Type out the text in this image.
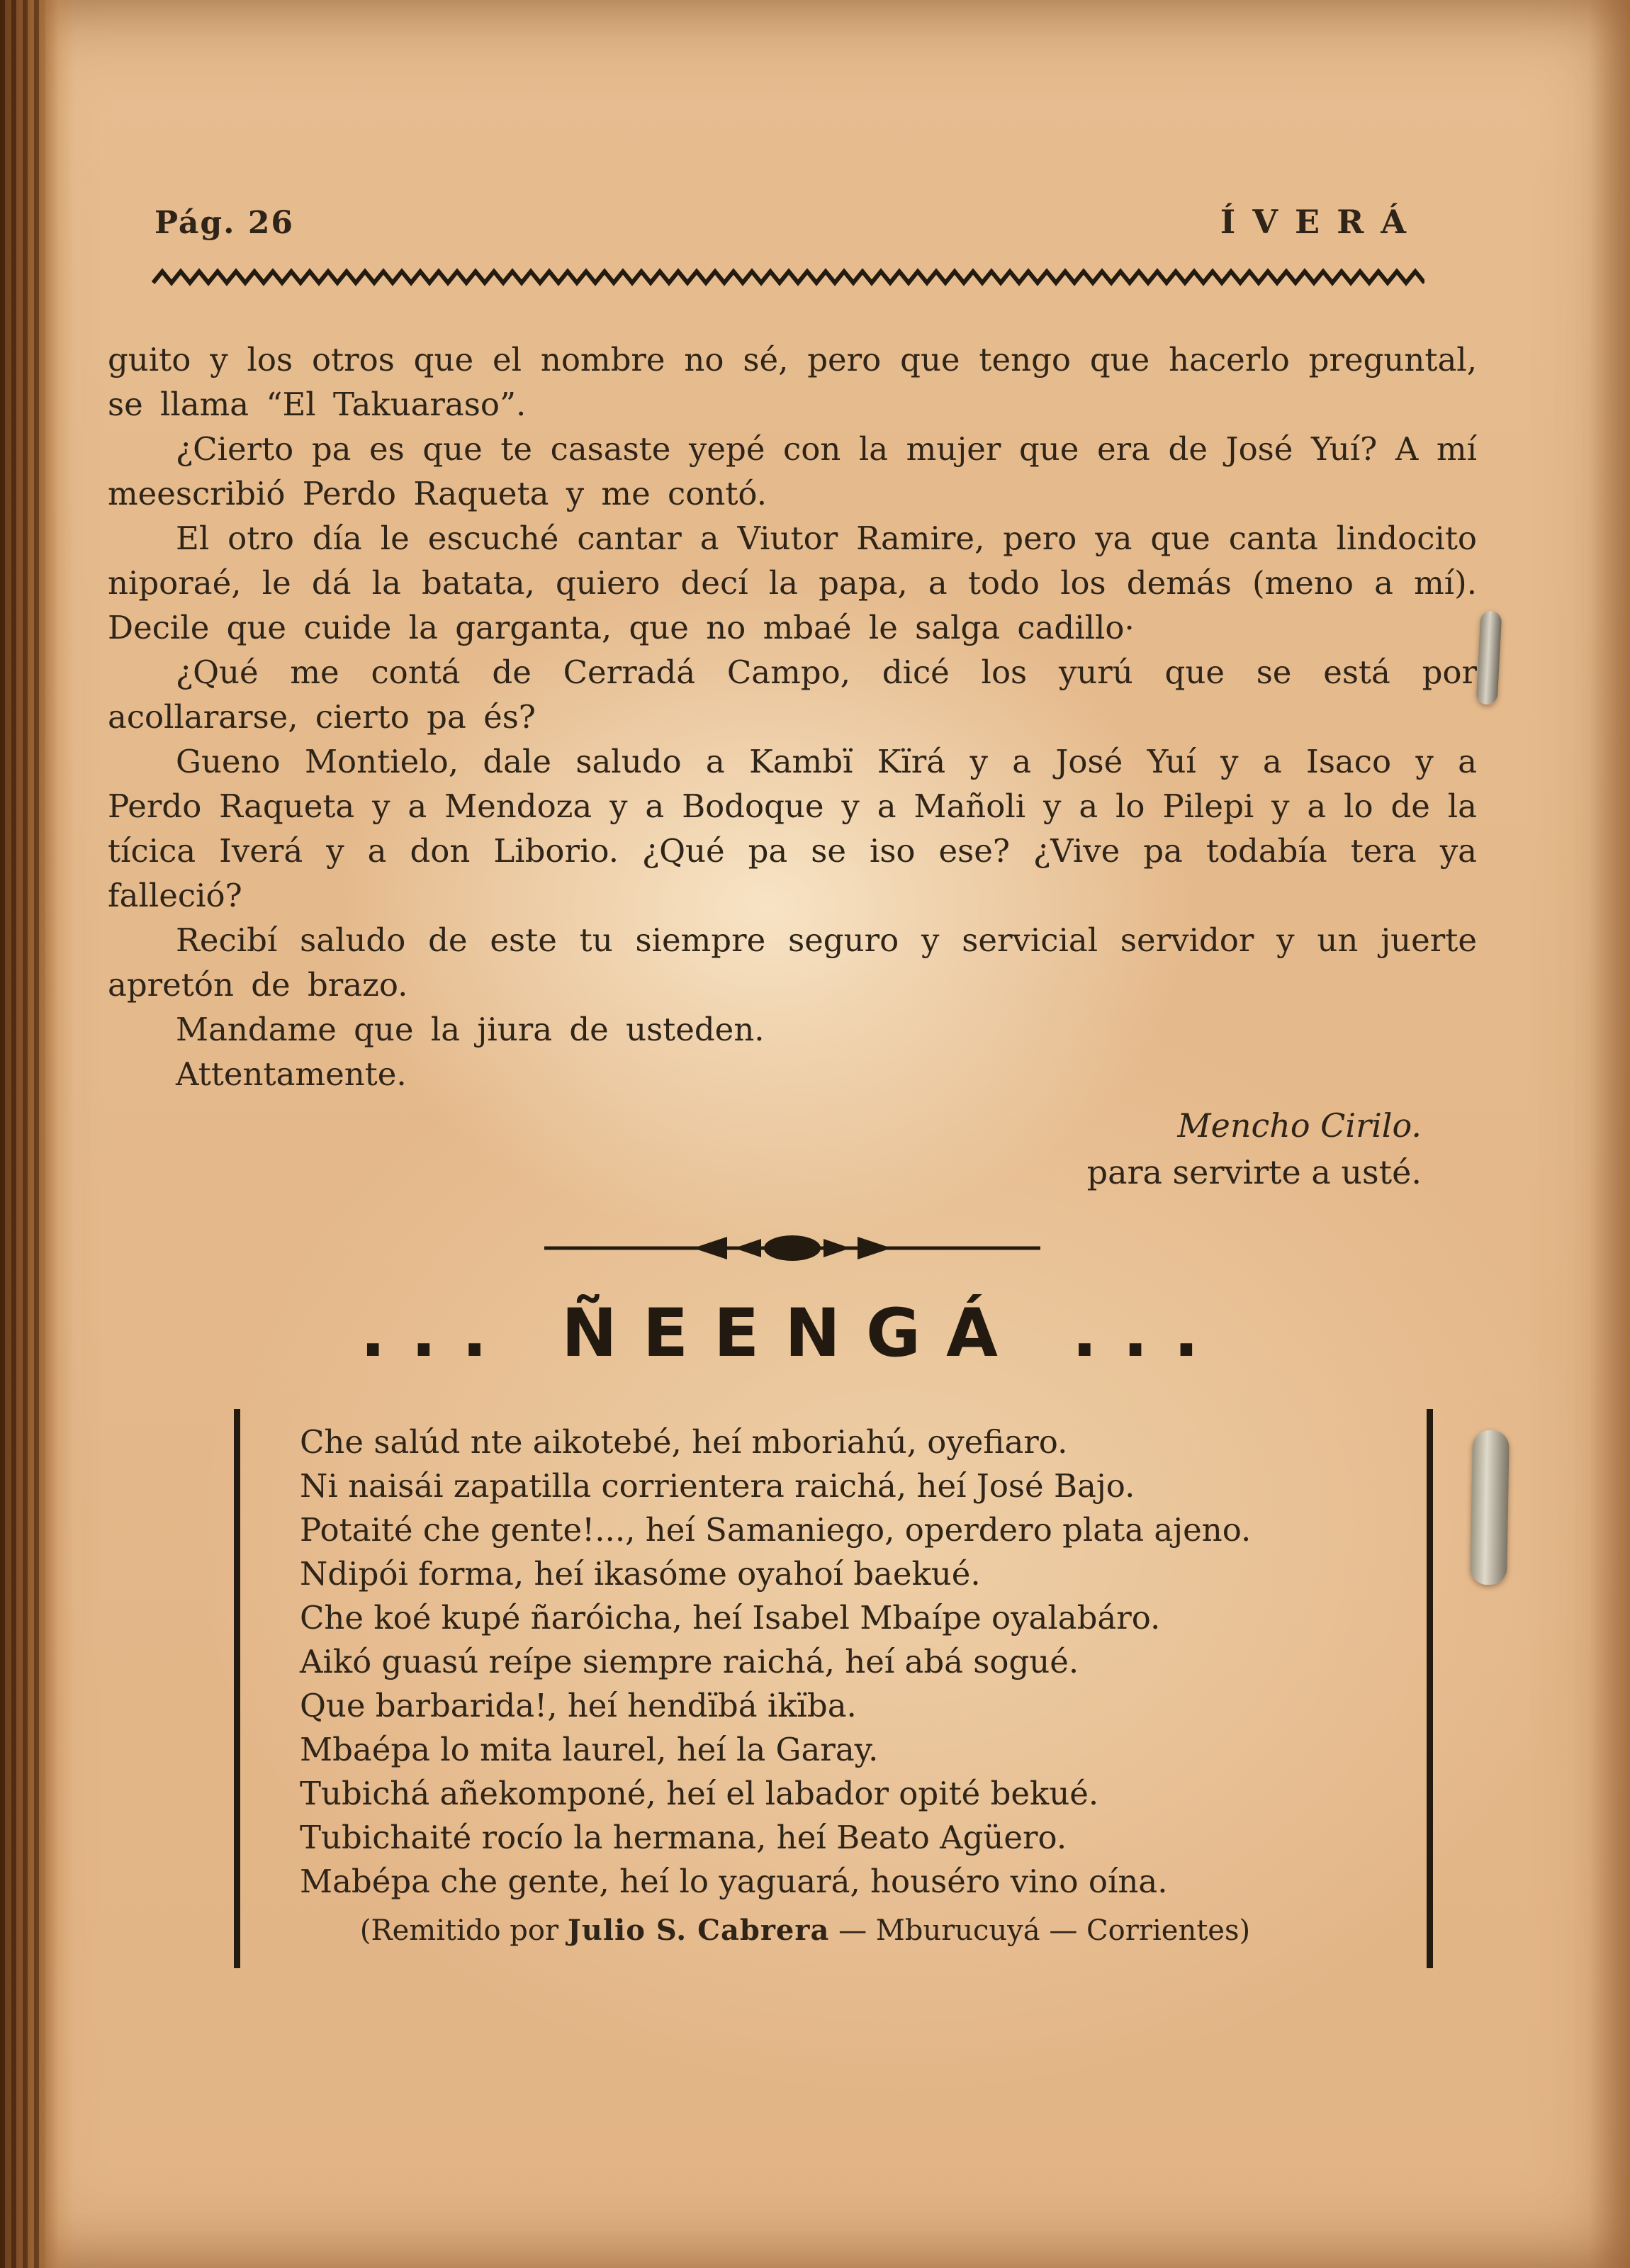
Pág. 26	ÍVERÁ

guito y los otros que el nombre no sé, pero que tengo que hacerlo preguntal, se llama “El Takuaraso”.

¿Cierto pa es que te casaste yepé con la mujer que era de José Yuí? A mí meescribió Perdo Raqueta y me contó.

El otro día le escuché cantar a Viutor Ramire, pero ya que canta lindocito niporaé, le dá la batata, quiero decí la papa, a todo los demás (meno a mí). Decile que cuide la garganta, que no mbaé le salga cadillo·

¿Qué me contá de Cerradá Campo, dicé los yurú que se está por acollararse, cierto pa és?

Gueno Montielo, dale saludo a Kambï Kïrá y a José Yuí y a Isaco y a Perdo Raqueta y a Mendoza y a Bodoque y a Mañoli y a lo Pilepi y a lo de la tícica Iverá y a don Liborio. ¿Qué pa se iso ese? ¿Vive pa todabía tera ya falleció?

Recibí saludo de este tu siempre seguro y servicial servidor y un juerte apretón de brazo.

Mandame que la jiura de usteden.

Attentamente.

Mencho Cirilo.
para servirte a usté.
... ÑEENGÁ ...
Che salúd nte aikotebé, heí mboriahú, oyefiaro.
Ni naisái zapatilla corrientera raichá, heí José Bajo.
Potaité che gente!..., heí Samaniego, operdero plata ajeno.
Ndipói forma, heí ikasóme oyahoí baekué.
Che koé kupé ñaróicha, heí Isabel Mbaípe oyalabáro.
Aikó guasú reípe siempre raichá, heí abá sogué.
Que barbarida!, heí hendïbá ikïba.
Mbaépa lo mita laurel, heí la Garay.
Tubichá añekomponé, heí el labador opité bekué.
Tubichaité rocío la hermana, heí Beato Agüero.
Mabépa che gente, heí lo yaguará, houséro vino oína.
(Remitido por Julio S. Cabrera — Mburucuyá — Corrientes)
